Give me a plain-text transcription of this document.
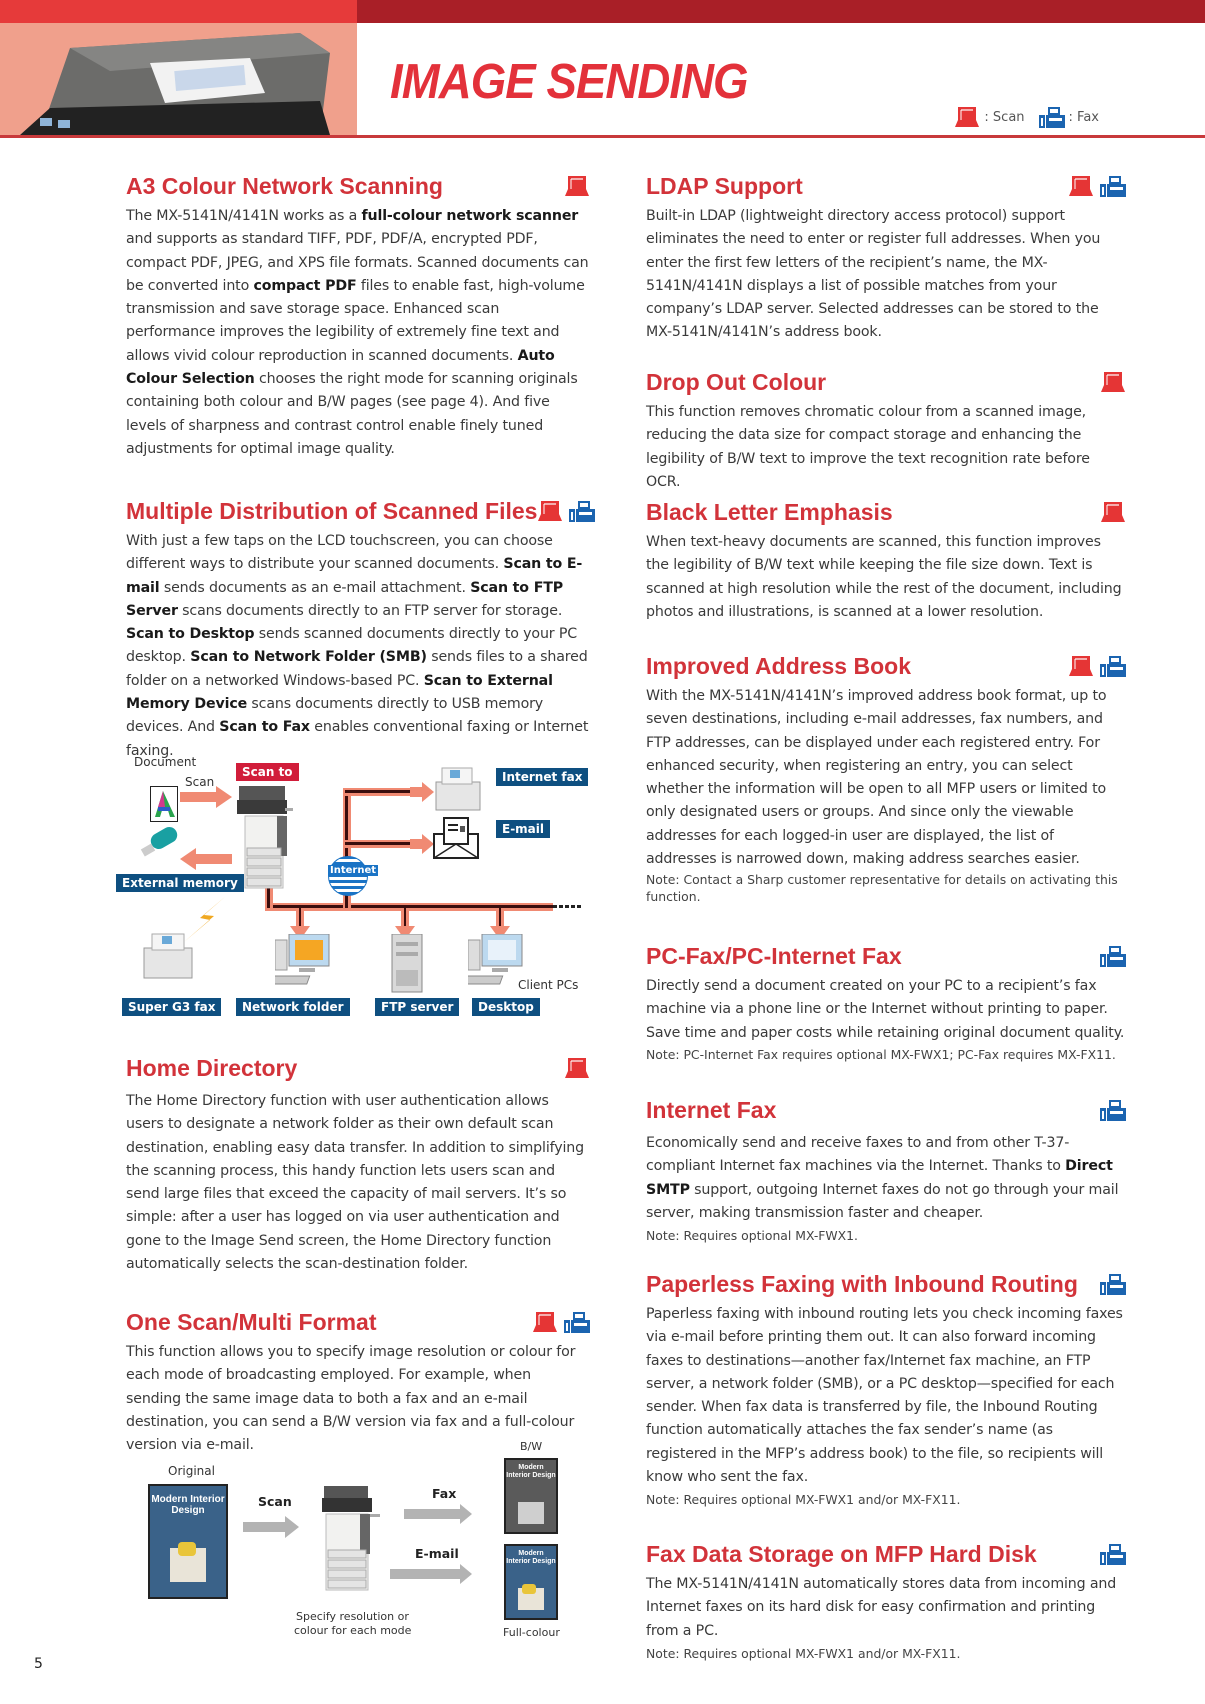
IMAGE SENDING
: Scan	: Fax
A3 Colour Network Scanning

The MX-5141N/4141N works as a full-colour network scanner and supports as standard TIFF, PDF, PDF/A, encrypted PDF, compact PDF, JPEG, and XPS file formats. Scanned documents can be converted into compact PDF files to enable fast, high-volume transmission and save storage space. Enhanced scan performance improves the legibility of extremely fine text and allows vivid colour reproduction in scanned documents. Auto Colour Selection chooses the right mode for scanning originals containing both colour and B/W pages (see page 4). And five levels of sharpness and contrast control enable finely tuned adjustments for optimal image quality.

Multiple Distribution of Scanned Files

With just a few taps on the LCD touchscreen, you can choose different ways to distribute your scanned documents. Scan to E-mail sends documents as an e-mail attachment. Scan to FTP Server scans documents directly to an FTP server for storage. Scan to Desktop sends scanned documents directly to your PC desktop. Scan to Network Folder (SMB) sends files to a shared folder on a networked Windows-based PC. Scan to External Memory Device scans documents directly to USB memory devices. And Scan to Fax enables conventional faxing or Internet faxing.

Home Directory

The Home Directory function with user authentication allows users to designate a network folder as their own default scan destination, enabling easy data transfer. In addition to simplifying the scanning process, this handy function lets users scan and send large files that exceed the capacity of mail servers. It’s so simple: after a user has logged on via user authentication and gone to the Image Send screen, the Home Directory function automatically selects the scan-destination folder.

One Scan/Multi Format

This function allows you to specify image resolution or colour for each mode of broadcasting employed. For example, when sending the same image data to both a fax and an e-mail destination, you can send a B/W version via fax and a full-colour version via e-mail.

Document
Scan
Scan to
External memory
Internet
Internet fax
E-mail
Super G3 fax	Network folder	FTP server
Client PCs
Desktop
Original
Modern Interior Design
Scan
Specify resolution or
colour for each mode
Fax
E-mail
B/W
Modern Interior Design
Modern Interior Design
Full-colour
LDAP Support

Built-in LDAP (lightweight directory access protocol) support eliminates the need to enter or register full addresses. When you enter the first few letters of the recipient’s name, the MX-5141N/4141N displays a list of possible matches from your company’s LDAP server. Selected addresses can be stored to the MX-5141N/4141N’s address book.

Drop Out Colour

This function removes chromatic colour from a scanned image, reducing the data size for compact storage and enhancing the legibility of B/W text to improve the text recognition rate before OCR.

Black Letter Emphasis

When text-heavy documents are scanned, this function improves the legibility of B/W text while keeping the file size down. Text is scanned at high resolution while the rest of the document, including photos and illustrations, is scanned at a lower resolution.

Improved Address Book

With the MX-5141N/4141N’s improved address book format, up to seven destinations, including e-mail addresses, fax numbers, and FTP addresses, can be displayed under each registered entry. For enhanced security, when registering an entry, you can select whether the information will be open to all MFP users or limited to only designated users or groups. And since only the viewable addresses for each logged-in user are displayed, the list of addresses is narrowed down, making address searches easier.

Note: Contact a Sharp customer representative for details on activating this function.

PC-Fax/PC-Internet Fax

Directly send a document created on your PC to a recipient’s fax machine via a phone line or the Internet without printing to paper. Save time and paper costs while retaining original document quality.

Note: PC-Internet Fax requires optional MX-FWX1; PC-Fax requires MX-FX11.

Internet Fax

Economically send and receive faxes to and from other T-37-compliant Internet fax machines via the Internet. Thanks to Direct SMTP support, outgoing Internet faxes do not go through your mail server, making transmission faster and cheaper.

Note: Requires optional MX-FWX1.

Paperless Faxing with Inbound Routing

Paperless faxing with inbound routing lets you check incoming faxes via e-mail before printing them out. It can also forward incoming faxes to destinations—another fax/Internet fax machine, an FTP server, a network folder (SMB), or a PC desktop—specified for each sender. When fax data is transferred by file, the Inbound Routing function automatically attaches the fax sender’s name (as registered in the MFP’s address book) to the file, so recipients will know who sent the fax.

Note: Requires optional MX-FWX1 and/or MX-FX11.

Fax Data Storage on MFP Hard Disk

The MX-5141N/4141N automatically stores data from incoming and Internet faxes on its hard disk for easy confirmation and printing from a PC.

Note: Requires optional MX-FWX1 and/or MX-FX11.

5
